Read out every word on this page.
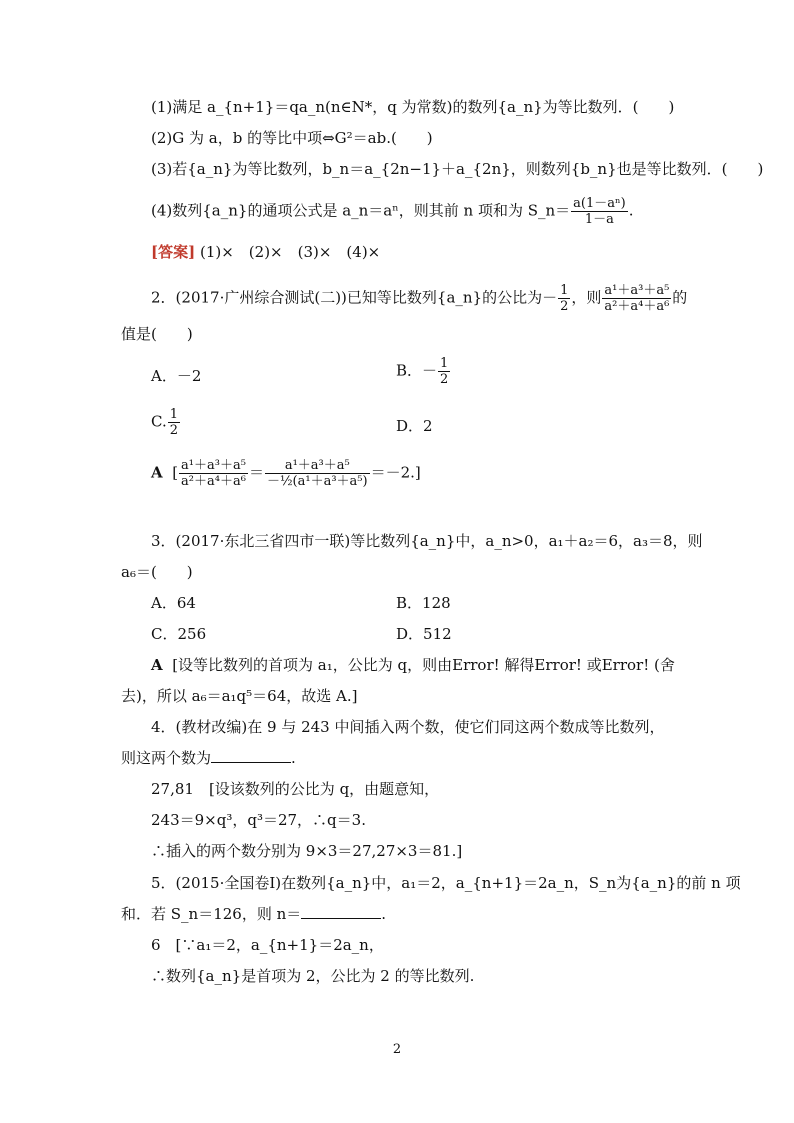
(1)满足 a_{n+1}＝qa_n(n∈N*，q 为常数)的数列{a_n}为等比数列．(　　)
(2)G 为 a，b 的等比中项⇔G²＝ab.(　　)
(3)若{a_n}为等比数列，b_n＝a_{2n−1}＋a_{2n}，则数列{b_n}也是等比数列．(　　)
(4)数列{a_n}的通项公式是 a_n＝aⁿ，则其前 n 项和为 S_n＝ $\frac{\text{a(1－aⁿ)}}{1-a}$ .
[答案] (1)×　(2)×　(3)×　(4)×
2．(2017·广州综合测试(二))已知等比数列{a_n}的公比为－ $\frac{1}{2}$ ，则 $\frac{\text{a¹＋a³＋a⁵}}{\text{a²＋a⁴＋a⁶}}$ 的
值是(　　)
A．－2	B．－ $\frac{1}{2}$
C. $\frac{1}{2}$	D．2
A [ $\frac{\text{a¹＋a³＋a⁵}}{\text{a²＋a⁴＋a⁶}} = \frac{\text{a¹＋a³＋a⁵}}{\text{－½(a¹＋a³＋a⁵)}} =-2$.]
3．(2017·东北三省四市一联)等比数列{a_n}中，a_n>0，a₁＋a₂＝6，a₃＝8，则
a₆＝(　　)
A．64	B．128
C．256	D．512
A [设等比数列的首项为 a₁，公比为 q，则由Error! 解得Error! 或Error! (舍
去)，所以 a₆＝a₁q⁵＝64，故选 A.]
4．(教材改编)在 9 与 243 中间插入两个数，使它们同这两个数成等比数列，
则这两个数为	.
27,81　[设该数列的公比为 q，由题意知，
243＝9×q³，q³＝27，∴q＝3.
∴插入的两个数分别为 9×3＝27,27×3＝81.]
5．(2015·全国卷Ⅰ)在数列{a_n}中，a₁＝2，a_{n+1}＝2a_n，S_n为{a_n}的前 n 项
和．若 S_n＝126，则 n＝	.
6　[∵a₁＝2，a_{n+1}＝2a_n，
∴数列{a_n}是首项为 2，公比为 2 的等比数列.
2
